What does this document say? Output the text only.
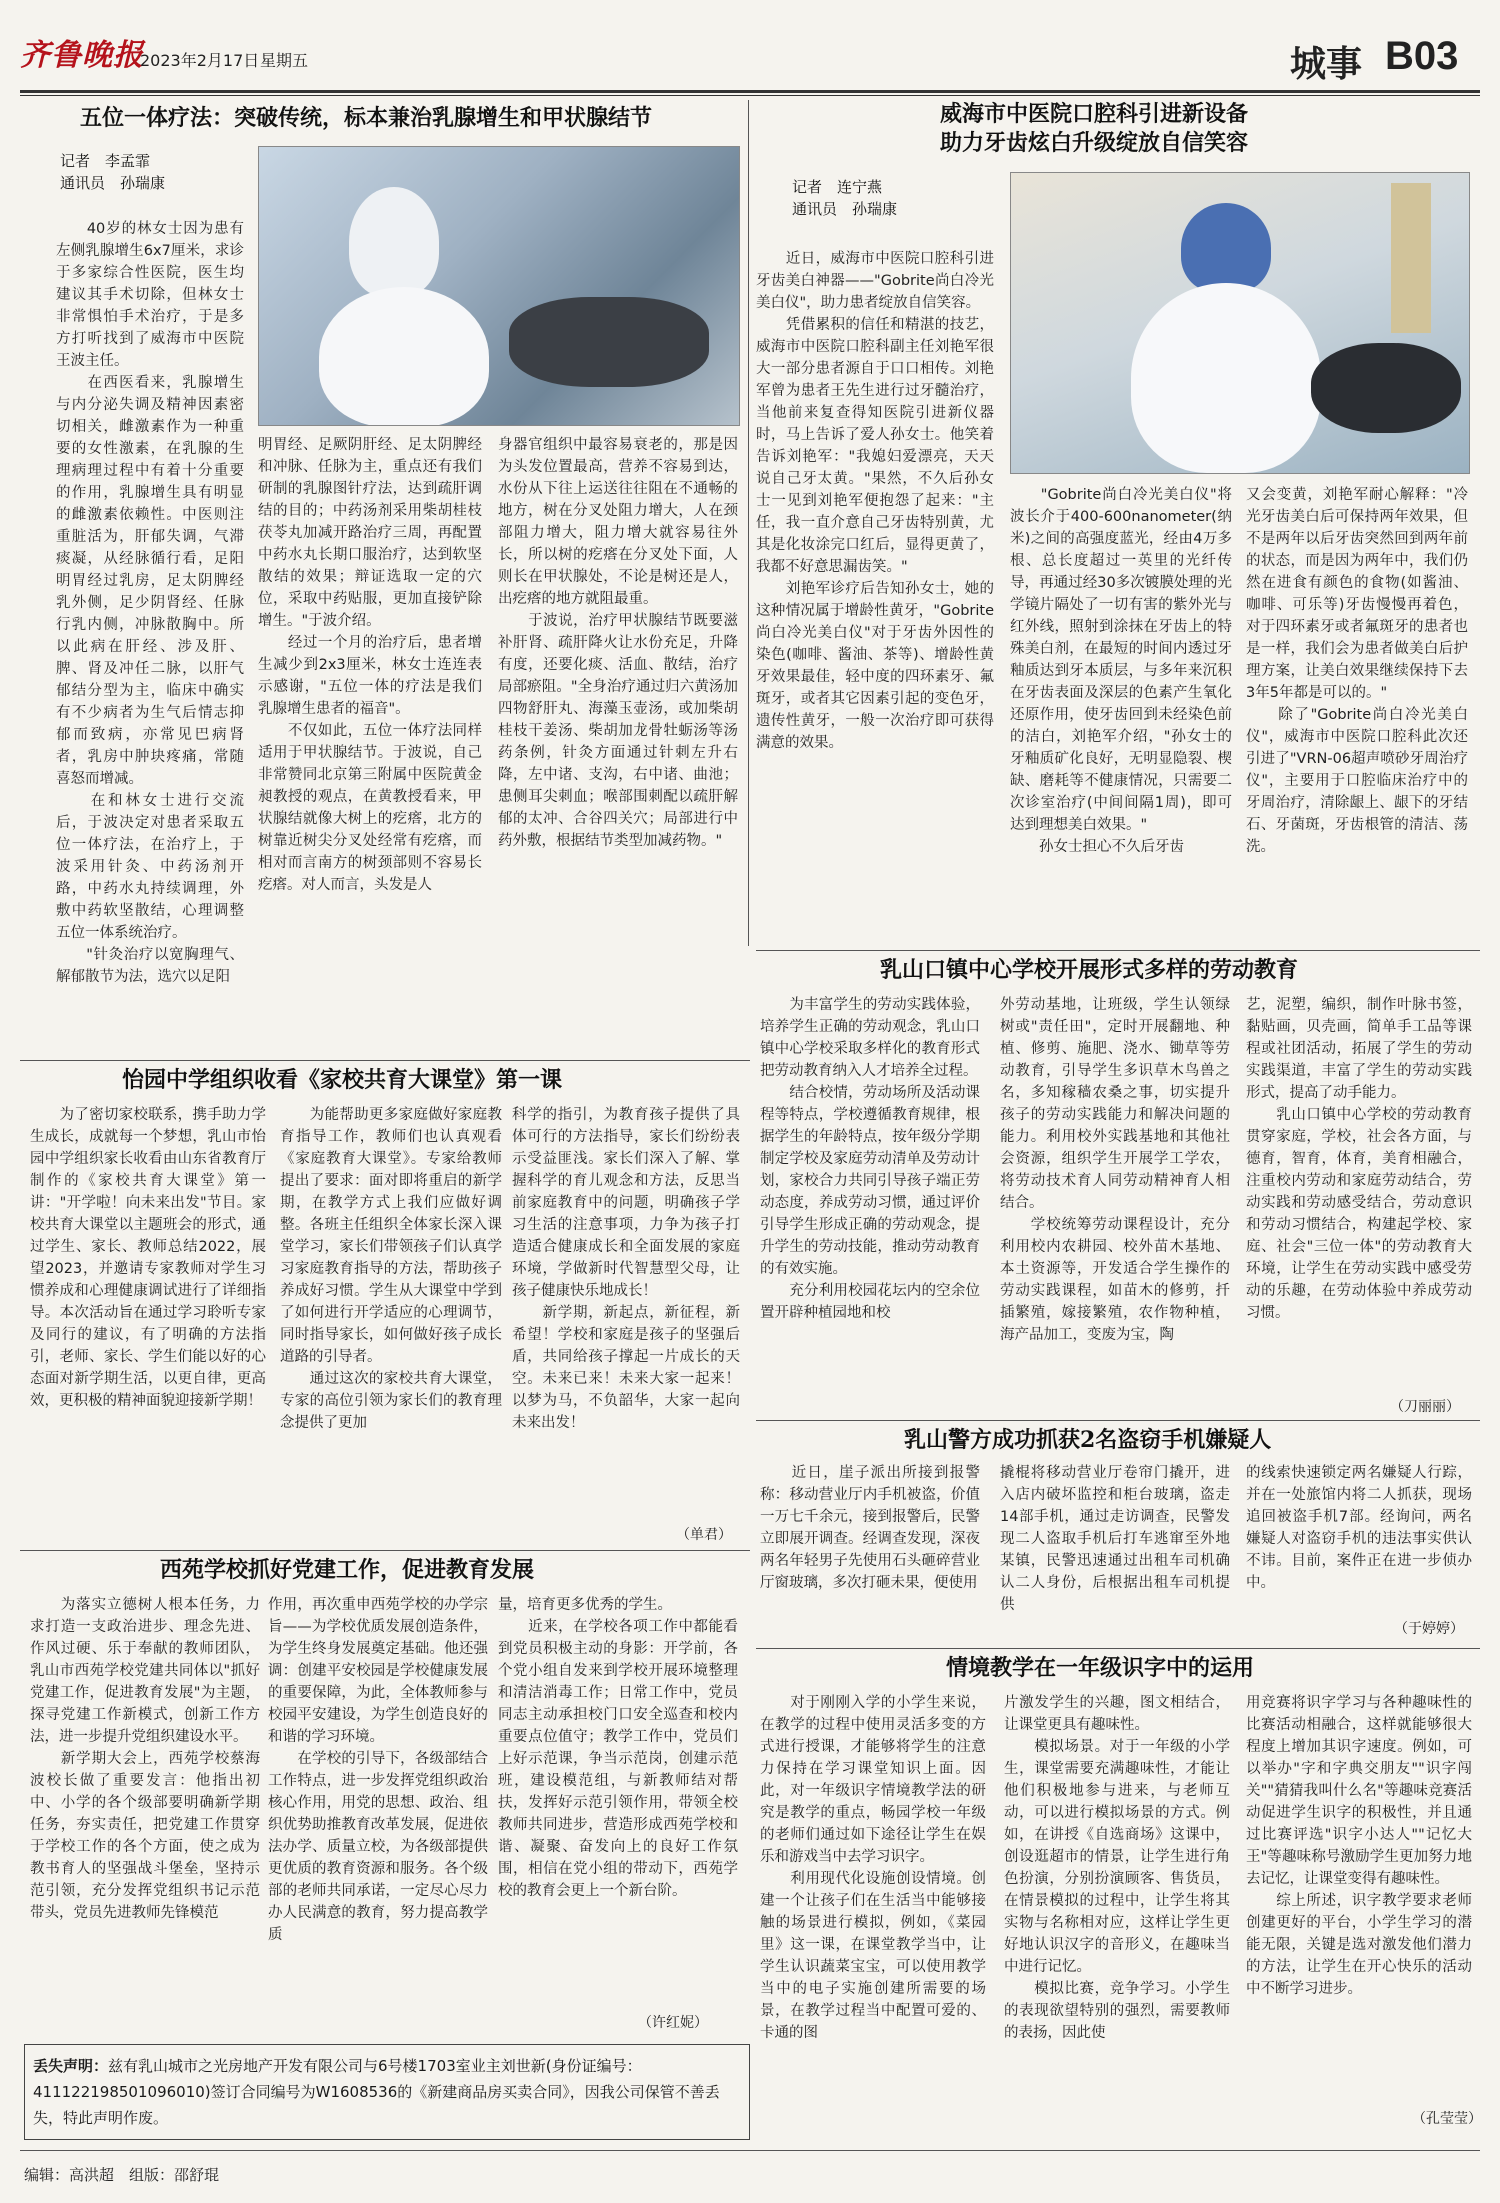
齐鲁晚报
2023年2月17日 星期五	城事 B03
五位一体疗法：突破传统，标本兼治乳腺增生和甲状腺结节
记者　李孟霏
通讯员　孙瑞康
　　40岁的林女士因为患有左侧乳腺增生6x7厘米，求诊于多家综合性医院，医生均建议其手术切除，但林女士非常惧怕手术治疗，于是多方打听找到了威海市中医院王波主任。
　　在西医看来，乳腺增生与内分泌失调及精神因素密切相关，雌激素作为一种重要的女性激素，在乳腺的生理病理过程中有着十分重要的作用，乳腺增生具有明显的雌激素依赖性。中医则注重脏活为，肝郁失调，气滞痰凝，从经脉循行看，足阳明胃经过乳房，足太阴脾经乳外侧，足少阴肾经、任脉行乳内侧，冲脉散胸中。所以此病在肝经、涉及肝、脾、肾及冲任二脉，以肝气郁结分型为主，临床中确实有不少病者为生气后情志抑郁而致病，亦常见巴病肾者，乳房中肿块疼痛，常随喜怒而增减。
　　在和林女士进行交流后，于波决定对患者采取五位一体疗法，在治疗上，于波采用针灸、中药汤剂开路，中药水丸持续调理，外敷中药软坚散结，心理调整五位一体系统治疗。
　　"针灸治疗以宽胸理气、解郁散节为法，选穴以足阳
明胃经、足厥阴肝经、足太阴脾经和冲脉、任脉为主，重点还有我们研制的乳腺图针疗法，达到疏肝调结的目的；中药汤剂采用柴胡桂枝茯苓丸加减开路治疗三周，再配置中药水丸长期口服治疗，达到软坚散结的效果；辩证选取一定的穴位，采取中药贴服，更加直接铲除增生。"于波介绍。
　　经过一个月的治疗后，患者增生减少到2x3厘米，林女士连连表示感谢，"五位一体的疗法是我们乳腺增生患者的福音"。
　　不仅如此，五位一体疗法同样适用于甲状腺结节。于波说，自己非常赞同北京第三附属中医院黄金昶教授的观点，在黄教授看来，甲状腺结就像大树上的疙瘩，北方的树靠近树尖分叉处经常有疙瘩，而相对而言南方的树颈部则不容易长疙瘩。对人而言，头发是人
身器官组织中最容易衰老的，那是因为头发位置最高，营养不容易到达，水份从下往上运送往往阻在不通畅的地方，树在分叉处阻力增大，人在颈部阻力增大，阻力增大就容易往外长，所以树的疙瘩在分叉处下面，人则长在甲状腺处，不论是树还是人，出疙瘩的地方就阻最重。
　　于波说，治疗甲状腺结节既要滋补肝肾、疏肝降火让水份充足，升降有度，还要化痰、活血、散结，治疗局部瘀阻。"全身治疗通过归六黄汤加四物舒肝丸、海藻玉壶汤，或加柴胡桂枝干姜汤、柴胡加龙骨牡蛎汤等汤药条例，针灸方面通过针刺左升右降，左中诸、支沟，右中诸、曲池；患侧耳尖刺血；喉部围刺配以疏肝解郁的太冲、合谷四关穴；局部进行中药外敷，根据结节类型加减药物。"
威海市中医院口腔科引进新设备
助力牙齿炫白升级绽放自信笑容
记者　连宁燕
通讯员　孙瑞康
　　近日，威海市中医院口腔科引进牙齿美白神器——"Gobrite尚白冷光美白仪"，助力患者绽放自信笑容。
　　凭借累积的信任和精湛的技艺，威海市中医院口腔科副主任刘艳军很大一部分患者源自于口口相传。刘艳军曾为患者王先生进行过牙髓治疗，当他前来复查得知医院引进新仪器时，马上告诉了爱人孙女士。他笑着告诉刘艳军："我媳妇爱漂亮，天天说自己牙太黄。"果然，不久后孙女士一见到刘艳军便抱怨了起来："主任，我一直介意自己牙齿特别黄，尤其是化妆涂完口红后，显得更黄了，我都不好意思漏齿笑。"
　　刘艳军诊疗后告知孙女士，她的这种情况属于增龄性黄牙，"Gobrite尚白冷光美白仪"对于牙齿外因性的染色(咖啡、酱油、茶等)、增龄性黄牙效果最佳，轻中度的四环素牙、氟斑牙，或者其它因素引起的变色牙，遗传性黄牙，一般一次治疗即可获得满意的效果。
　　"Gobrite尚白冷光美白仪"将波长介于400-600nanometer(纳米)之间的高强度蓝光，经由4万多根、总长度超过一英里的光纤传导，再通过经30多次镀膜处理的光学镜片隔处了一切有害的紫外光与红外线，照射到涂抹在牙齿上的特殊美白剂，在最短的时间内透过牙釉质达到牙本质层，与多年来沉积在牙齿表面及深层的色素产生氧化还原作用，使牙齿回到未经染色前的洁白，刘艳军介绍，"孙女士的牙釉质矿化良好，无明显隐裂、楔缺、磨耗等不健康情况，只需要二次诊室治疗(中间间隔1周)，即可达到理想美白效果。"
　　孙女士担心不久后牙齿
又会变黄，刘艳军耐心解释："冷光牙齿美白后可保持两年效果，但不是两年以后牙齿突然回到两年前的状态，而是因为两年中，我们仍然在进食有颜色的食物(如酱油、咖啡、可乐等)牙齿慢慢再着色，对于四环素牙或者氟斑牙的患者也是一样，我们会为患者做美白后护理方案，让美白效果继续保持下去3年5年都是可以的。"
　　除了"Gobrite尚白冷光美白仪"，威海市中医院口腔科此次还引进了"VRN-06超声喷砂牙周治疗仪"，主要用于口腔临床治疗中的牙周治疗，清除龈上、龈下的牙结石、牙菌斑，牙齿根管的清洁、荡洗。
乳山口镇中心学校开展形式多样的劳动教育
　　为丰富学生的劳动实践体验，培养学生正确的劳动观念，乳山口镇中心学校采取多样化的教育形式把劳动教育纳入人才培养全过程。
　　结合校情，劳动场所及活动课程等特点，学校遵循教育规律，根据学生的年龄特点，按年级分学期制定学校及家庭劳动清单及劳动计划，家校合力共同引导孩子端正劳动态度，养成劳动习惯，通过评价引导学生形成正确的劳动观念，提升学生的劳动技能，推动劳动教育的有效实施。
　　充分利用校园花坛内的空余位置开辟种植园地和校
外劳动基地，让班级，学生认领绿树或"责任田"，定时开展翻地、种植、修剪、施肥、浇水、锄草等劳动教育，引导学生多识草木鸟兽之名，多知稼穑农桑之事，切实提升孩子的劳动实践能力和解决问题的能力。利用校外实践基地和其他社会资源，组织学生开展学工学农，将劳动技术育人同劳动精神育人相结合。
　　学校统筹劳动课程设计，充分利用校内农耕园、校外苗木基地、本土资源等，开发适合学生操作的劳动实践课程，如苗木的修剪，扦插繁殖，嫁接繁殖，农作物种植，海产品加工，变废为宝，陶
艺，泥塑，编织，制作叶脉书签，黏贴画，贝壳画，简单手工品等课程或社团活动，拓展了学生的劳动实践渠道，丰富了学生的劳动实践形式，提高了动手能力。
　　乳山口镇中心学校的劳动教育贯穿家庭，学校，社会各方面，与德育，智育，体育，美育相融合，注重校内劳动和家庭劳动结合，劳动实践和劳动感受结合，劳动意识和劳动习惯结合，构建起学校、家庭、社会"三位一体"的劳动教育大环境，让学生在劳动实践中感受劳动的乐趣，在劳动体验中养成劳动习惯。
（刀丽丽）
怡园中学组织收看《家校共育大课堂》第一课
　　为了密切家校联系，携手助力学生成长，成就每一个梦想，乳山市怡园中学组织家长收看由山东省教育厅制作的《家校共育大课堂》第一讲："开学啦！向未来出发"节目。家校共育大课堂以主题班会的形式，通过学生、家长、教师总结2022，展望2023，并邀请专家教师对学生习惯养成和心理健康调试进行了详细指导。本次活动旨在通过学习聆听专家及同行的建议，有了明确的方法指引，老师、家长、学生们能以好的心态面对新学期生活，以更自律，更高效，更积极的精神面貌迎接新学期！
　　为能帮助更多家庭做好家庭教育指导工作，教师们也认真观看《家庭教育大课堂》。专家给教师提出了要求：面对即将重启的新学期，在教学方式上我们应做好调整。各班主任组织全体家长深入课堂学习，家长们带领孩子们认真学习家庭教育指导的方法，帮助孩子养成好习惯。学生从大课堂中学到了如何进行开学适应的心理调节，同时指导家长，如何做好孩子成长道路的引导者。
　　通过这次的家校共育大课堂，专家的高位引领为家长们的教育理念提供了更加
科学的指引，为教育孩子提供了具体可行的方法指导，家长们纷纷表示受益匪浅。家长们深入了解、掌握科学的育儿观念和方法，反思当前家庭教育中的问题，明确孩子学习生活的注意事项，力争为孩子打造适合健康成长和全面发展的家庭环境，学做新时代智慧型父母，让孩子健康快乐地成长！
　　新学期，新起点，新征程，新希望！学校和家庭是孩子的坚强后盾，共同给孩子撑起一片成长的天空。未来已来！未来大家一起来！以梦为马，不负韶华，大家一起向未来出发！
（单君）
乳山警方成功抓获2名盗窃手机嫌疑人
　　近日，崖子派出所接到报警称：移动营业厅内手机被盗，价值一万七千余元，接到报警后，民警立即展开调查。经调查发现，深夜两名年轻男子先使用石头砸碎营业厅窗玻璃，多次打砸未果，便使用
撬棍将移动营业厅卷帘门撬开，进入店内破坏监控和柜台玻璃，盗走14部手机，通过走访调查，民警发现二人盗取手机后打车逃窜至外地某镇，民警迅速通过出租车司机确认二人身份，后根据出租车司机提供
的线索快速锁定两名嫌疑人行踪，并在一处旅馆内将二人抓获，现场追回被盗手机7部。经询问，两名嫌疑人对盗窃手机的违法事实供认不讳。目前，案件正在进一步侦办中。
（于婷婷）
西苑学校抓好党建工作，促进教育发展
　　为落实立德树人根本任务，力求打造一支政治进步、理念先进、作风过硬、乐于奉献的教师团队，乳山市西苑学校党建共同体以"抓好党建工作，促进教育发展"为主题，探寻党建工作新模式，创新工作方法，进一步提升党组织建设水平。
　　新学期大会上，西苑学校蔡海波校长做了重要发言：他指出初中、小学的各个级部要明确新学期任务，夯实责任，把党建工作贯穿于学校工作的各个方面，使之成为教书育人的坚强战斗堡垒，坚持示范引领，充分发挥党组织书记示范带头，党员先进教师先锋模范
作用，再次重申西苑学校的办学宗旨——为学校优质发展创造条件，为学生终身发展奠定基础。他还强调：创建平安校园是学校健康发展的重要保障，为此，全体教师参与校园平安建设，为学生创造良好的和谐的学习环境。
　　在学校的引导下，各级部结合工作特点，进一步发挥党组织政治核心作用，用党的思想、政治、组织优势助推教育改革发展，促进依法办学、质量立校，为各级部提供更优质的教育资源和服务。各个级部的老师共同承诺，一定尽心尽力办人民满意的教育，努力提高教学质
量，培育更多优秀的学生。
　　近来，在学校各项工作中都能看到党员积极主动的身影：开学前，各个党小组自发来到学校开展环境整理和清洁消毒工作；日常工作中，党员同志主动承担校门口安全巡查和校内重要点位值守；教学工作中，党员们上好示范课，争当示范岗，创建示范班，建设模范组，与新教师结对帮扶，发挥好示范引领作用，带领全校教师共同进步，营造形成西苑学校和谐、凝聚、奋发向上的良好工作氛围，相信在党小组的带动下，西苑学校的教育会更上一个新台阶。
（许红妮）
情境教学在一年级识字中的运用
　　对于刚刚入学的小学生来说，在教学的过程中使用灵活多变的方式进行授课，才能够将学生的注意力保持在学习课堂知识上面。因此，对一年级识字情境教学法的研究是教学的重点，畅园学校一年级的老师们通过如下途径让学生在娱乐和游戏当中去学习识字。
　　利用现代化设施创设情境。创建一个让孩子们在生活当中能够接触的场景进行模拟，例如，《菜园里》这一课，在课堂教学当中，让学生认识蔬菜宝宝，可以使用教学当中的电子实施创建所需要的场景，在教学过程当中配置可爱的、卡通的图
片激发学生的兴趣，图文相结合，让课堂更具有趣味性。
　　模拟场景。对于一年级的小学生，课堂需要充满趣味性，才能让他们积极地参与进来，与老师互动，可以进行模拟场景的方式。例如，在讲授《自选商场》这课中，创设逛超市的情景，让学生进行角色扮演，分别扮演顾客、售货员，在情景模拟的过程中，让学生将其实物与名称相对应，这样让学生更好地认识汉字的音形义，在趣味当中进行记忆。
　　模拟比赛，竞争学习。小学生的表现欲望特别的强烈，需要教师的表扬，因此使
用竞赛将识字学习与各种趣味性的比赛活动相融合，这样就能够很大程度上增加其识字速度。例如，可以举办"字和字典交朋友""识字闯关""猜猜我叫什么名"等趣味竞赛活动促进学生识字的积极性，并且通过比赛评选"识字小达人""记忆大王"等趣味称号激励学生更加努力地去记忆，让课堂变得有趣味性。
　　综上所述，识字教学要求老师创建更好的平台，小学生学习的潜能无限，关键是选对激发他们潜力的方法，让学生在开心快乐的活动中不断学习进步。
（孔莹莹）
丢失声明：兹有乳山城市之光房地产开发有限公司与6号楼1703室业主刘世新(身份证编号：411122198501096010)签订合同编号为W1608536的《新建商品房买卖合同》，因我公司保管不善丢失，特此声明作废。
编辑：高洪超　组版：邵舒琨
